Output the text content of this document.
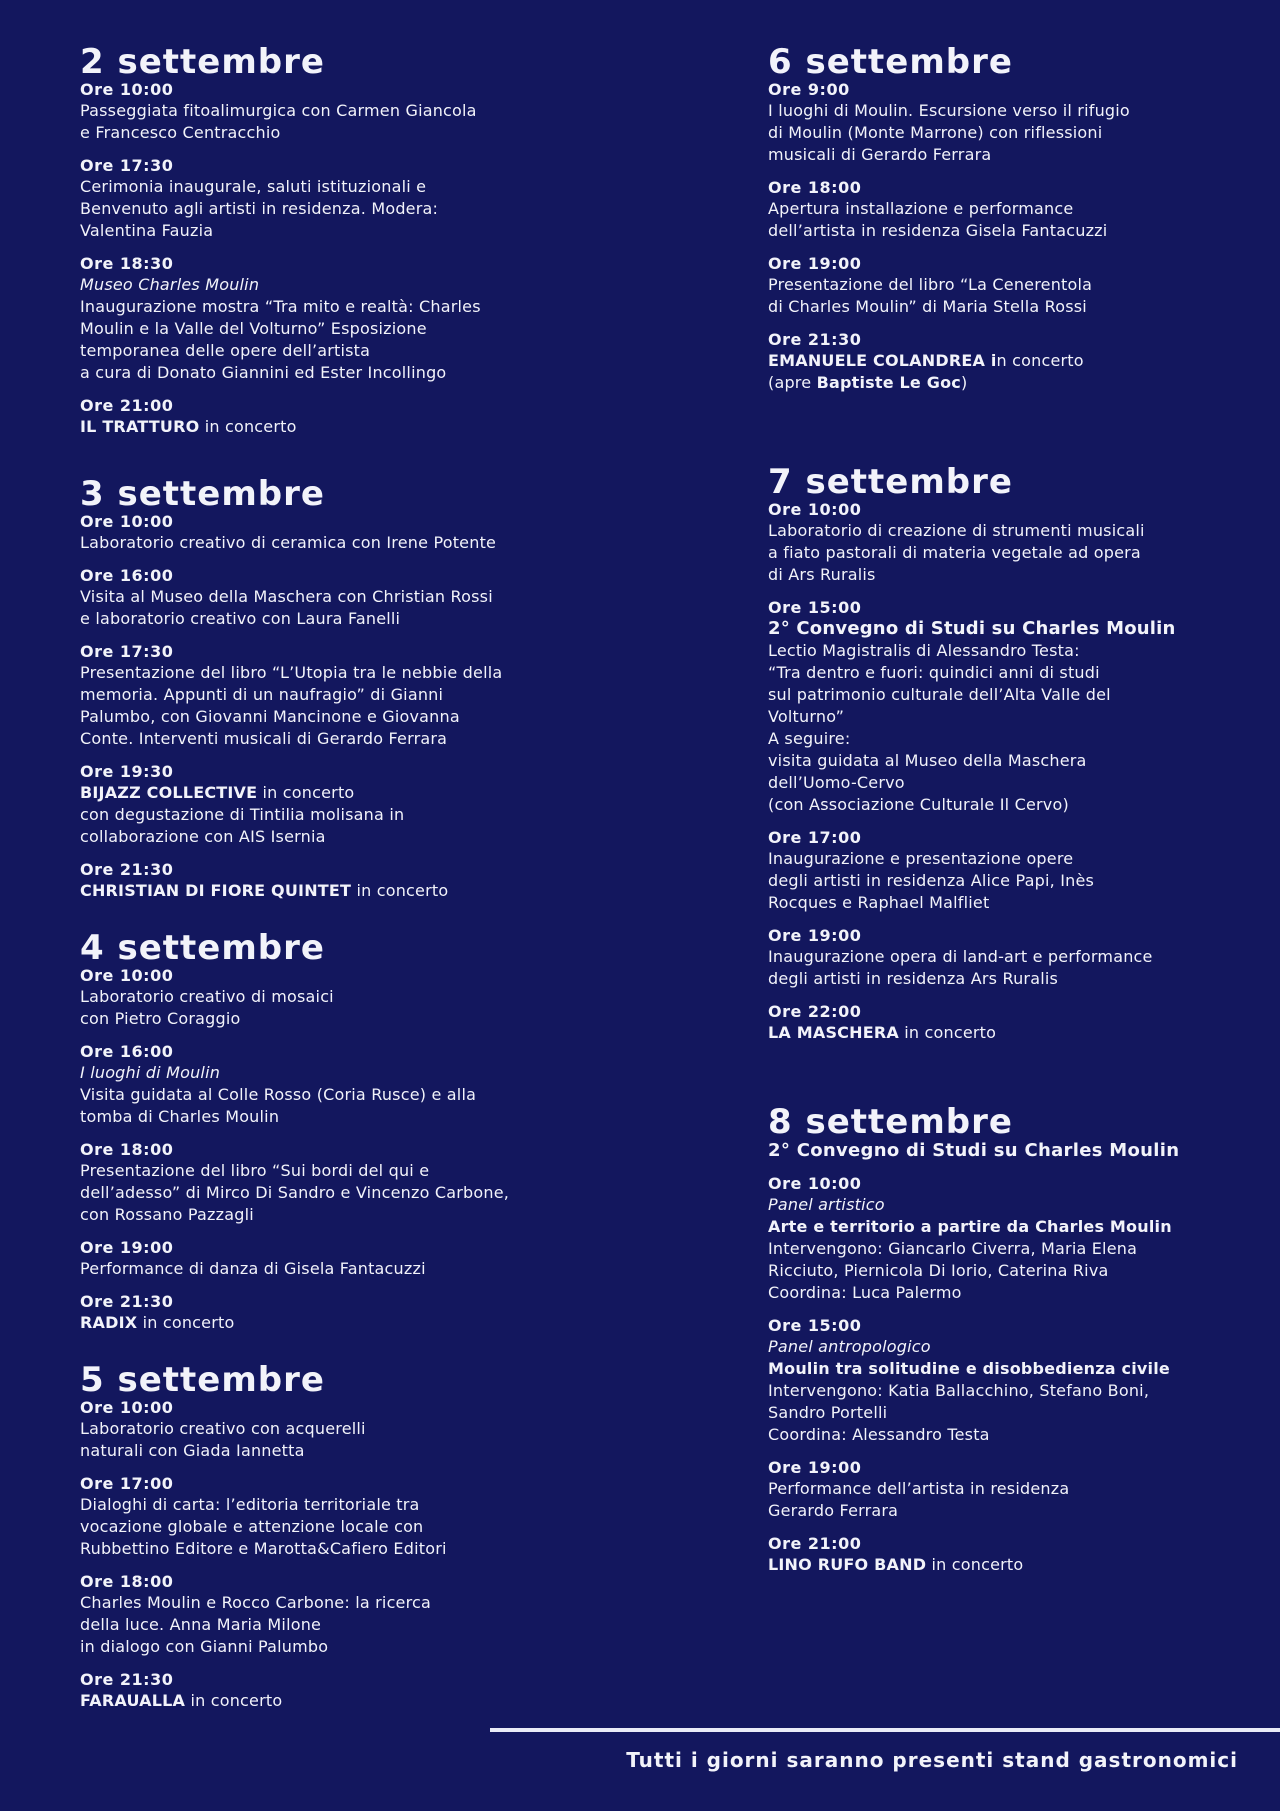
2 settembre
Ore 10:00
Passeggiata fitoalimurgica con Carmen Giancola
e Francesco Centracchio
Ore 17:30
Cerimonia inaugurale, saluti istituzionali e
Benvenuto agli artisti in residenza. Modera:
Valentina Fauzia
Ore 18:30
Museo Charles Moulin
Inaugurazione mostra “Tra mito e realtà: Charles
Moulin e la Valle del Volturno” Esposizione
temporanea delle opere dell’artista
a cura di Donato Giannini ed Ester Incollingo
Ore 21:00
IL TRATTURO in concerto
3 settembre
Ore 10:00
Laboratorio creativo di ceramica con Irene Potente
Ore 16:00
Visita al Museo della Maschera con Christian Rossi
e laboratorio creativo con Laura Fanelli
Ore 17:30
Presentazione del libro “L’Utopia tra le nebbie della
memoria. Appunti di un naufragio” di Gianni
Palumbo, con Giovanni Mancinone e Giovanna
Conte. Interventi musicali di Gerardo Ferrara
Ore 19:30
BIJAZZ COLLECTIVE in concerto
con degustazione di Tintilia molisana in
collaborazione con AIS Isernia
Ore 21:30
CHRISTIAN DI FIORE QUINTET in concerto
4 settembre
Ore 10:00
Laboratorio creativo di mosaici
con Pietro Coraggio
Ore 16:00
I luoghi di Moulin
Visita guidata al Colle Rosso (Coria Rusce) e alla
tomba di Charles Moulin
Ore 18:00
Presentazione del libro “Sui bordi del qui e
dell’adesso” di Mirco Di Sandro e Vincenzo Carbone,
con Rossano Pazzagli
Ore 19:00
Performance di danza di Gisela Fantacuzzi
Ore 21:30
RADIX in concerto
5 settembre
Ore 10:00
Laboratorio creativo con acquerelli
naturali con Giada Iannetta
Ore 17:00
Dialoghi di carta: l’editoria territoriale tra
vocazione globale e attenzione locale con
Rubbettino Editore e Marotta&Cafiero Editori
Ore 18:00
Charles Moulin e Rocco Carbone: la ricerca
della luce. Anna Maria Milone
in dialogo con Gianni Palumbo
Ore 21:30
FARAUALLA in concerto
6 settembre
Ore 9:00
I luoghi di Moulin. Escursione verso il rifugio
di Moulin (Monte Marrone) con riflessioni
musicali di Gerardo Ferrara
Ore 18:00
Apertura installazione e performance
dell’artista in residenza Gisela Fantacuzzi
Ore 19:00
Presentazione del libro “La Cenerentola
di Charles Moulin” di Maria Stella Rossi
Ore 21:30
EMANUELE COLANDREA in concerto
(apre Baptiste Le Goc)
7 settembre
Ore 10:00
Laboratorio di creazione di strumenti musicali
a fiato pastorali di materia vegetale ad opera
di Ars Ruralis
Ore 15:00
2° Convegno di Studi su Charles Moulin
Lectio Magistralis di Alessandro Testa:
“Tra dentro e fuori: quindici anni di studi
sul patrimonio culturale dell’Alta Valle del
Volturno”
A seguire:
visita guidata al Museo della Maschera
dell’Uomo-Cervo
(con Associazione Culturale Il Cervo)
Ore 17:00
Inaugurazione e presentazione opere
degli artisti in residenza Alice Papi, Inès
Rocques e Raphael Malfliet
Ore 19:00
Inaugurazione opera di land-art e performance
degli artisti in residenza Ars Ruralis
Ore 22:00
LA MASCHERA in concerto
8 settembre
2° Convegno di Studi su Charles Moulin
Ore 10:00
Panel artistico
Arte e territorio a partire da Charles Moulin
Intervengono: Giancarlo Civerra, Maria Elena
Ricciuto, Piernicola Di Iorio, Caterina Riva
Coordina: Luca Palermo
Ore 15:00
Panel antropologico
Moulin tra solitudine e disobbedienza civile
Intervengono: Katia Ballacchino, Stefano Boni,
Sandro Portelli
Coordina: Alessandro Testa
Ore 19:00
Performance dell’artista in residenza
Gerardo Ferrara
Ore 21:00
LINO RUFO BAND in concerto
Tutti i giorni saranno presenti stand gastronomici
